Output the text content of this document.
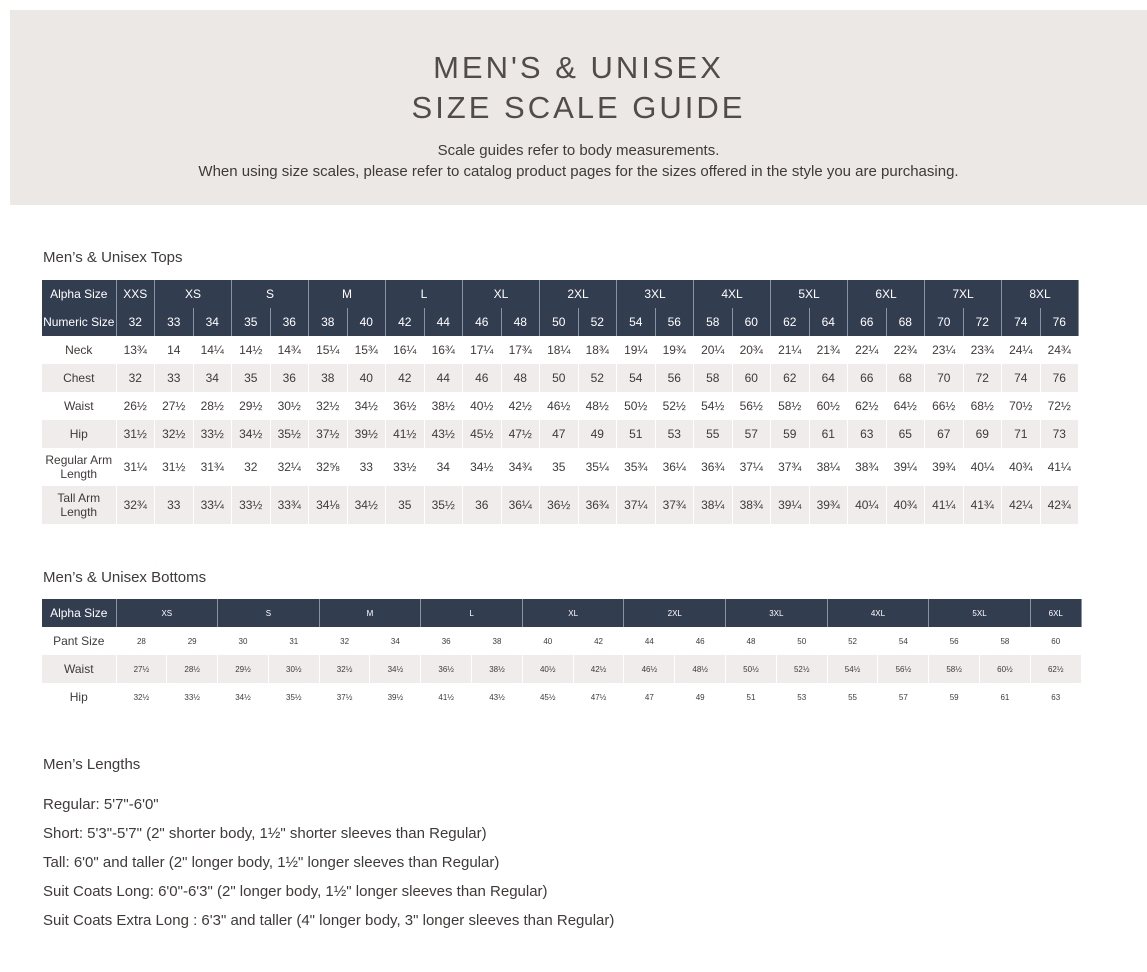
MEN'S & UNISEX
SIZE SCALE GUIDE
Scale guides refer to body measurements.
When using size scales, please refer to catalog product pages for the sizes offered in the style you are purchasing.
Men’s & Unisex Tops
Alpha Size	XXS	XS		S		M		L		XL		2XL		3XL		4XL		5XL		6XL		7XL		8XL	
Numeric Size	32	33	34	35	36	38	40	42	44	46	48	50	52	54	56	58	60	62	64	66	68	70	72	74	76
Neck	13¾	14	14¼	14½	14¾	15¼	15¾	16¼	16¾	17¼	17¾	18¼	18¾	19¼	19¾	20¼	20¾	21¼	21¾	22¼	22¾	23¼	23¾	24¼	24¾
Chest	32	33	34	35	36	38	40	42	44	46	48	50	52	54	56	58	60	62	64	66	68	70	72	74	76
Waist	26½	27½	28½	29½	30½	32½	34½	36½	38½	40½	42½	46½	48½	50½	52½	54½	56½	58½	60½	62½	64½	66½	68½	70½	72½
Hip	31½	32½	33½	34½	35½	37½	39½	41½	43½	45½	47½	47	49	51	53	55	57	59	61	63	65	67	69	71	73
Regular Arm Length	31¼	31½	31¾	32	32¼	32⅝	33	33½	34	34½	34¾	35	35¼	35¾	36¼	36¾	37¼	37¾	38¼	38¾	39¼	39¾	40¼	40¾	41¼
Tall Arm Length	32¾	33	33¼	33½	33¾	34⅛	34½	35	35½	36	36¼	36½	36¾	37¼	37¾	38¼	38¾	39¼	39¾	40¼	40¾	41¼	41¾	42¼	42¾
Men’s & Unisex Bottoms
Alpha Size	XS		S		M		L		XL		2XL		3XL		4XL		5XL		6XL
Pant Size	28	29	30	31	32	34	36	38	40	42	44	46	48	50	52	54	56	58	60
Waist	27½	28½	29½	30½	32½	34½	36½	38½	40½	42½	46½	48½	50½	52½	54½	56½	58½	60½	62½
Hip	32½	33½	34½	35½	37½	39½	41½	43½	45½	47½	47	49	51	53	55	57	59	61	63
Men’s Lengths
Regular: 5'7"-6'0"
Short: 5'3"-5'7" (2" shorter body, 1½" shorter sleeves than Regular)
Tall: 6'0" and taller (2" longer body, 1½" longer sleeves than Regular)
Suit Coats Long: 6'0"-6'3" (2" longer body, 1½" longer sleeves than Regular)
Suit Coats Extra Long : 6'3" and taller (4" longer body, 3" longer sleeves than Regular)
